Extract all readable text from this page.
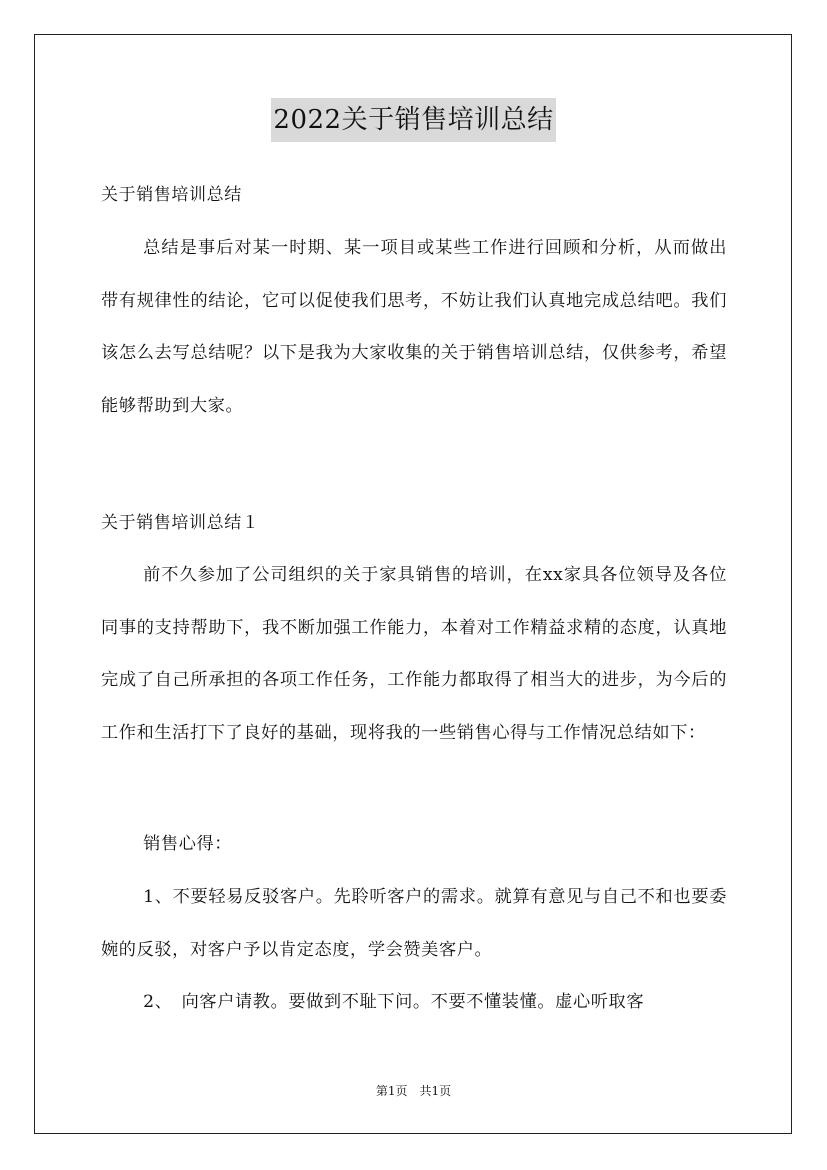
2022关于销售培训总结
关于销售培训总结
总结是事后对某一时期、某一项目或某些工作进行回顾和分析，从而做出带有规律性的结论，它可以促使我们思考，不妨让我们认真地完成总结吧。我们该怎么去写总结呢？以下是我为大家收集的关于销售培训总结，仅供参考，希望能够帮助到大家。
关于销售培训总结１
前不久参加了公司组织的关于家具销售的培训，在xx家具各位领导及各位同事的支持帮助下，我不断加强工作能力，本着对工作精益求精的态度，认真地完成了自己所承担的各项工作任务，工作能力都取得了相当大的进步，为今后的工作和生活打下了良好的基础，现将我的一些销售心得与工作情况总结如下：
销售心得：
1、不要轻易反驳客户。先聆听客户的需求。就算有意见与自己不和也要委婉的反驳，对客户予以肯定态度，学会赞美客户。
2、　向客户请教。要做到不耻下问。不要不懂装懂。虚心听取客
第1页　共1页
